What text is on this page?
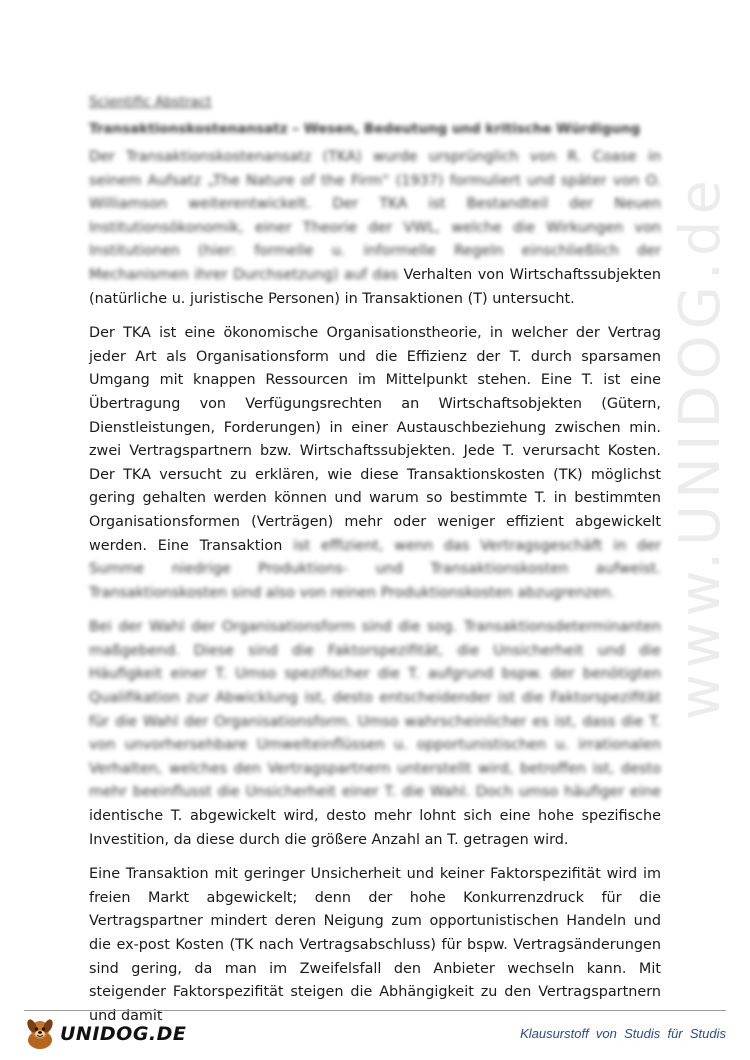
www.UNIDOG.de
Scientific Abstract
Transaktionskostenansatz – Wesen, Bedeutung und kritische Würdigung

Der Transaktionskostenansatz (TKA) wurde ursprünglich von R. Coase in seinem Aufsatz „The Nature of the Firm“ (1937) formuliert und später von O. Williamson weiterentwickelt. Der TKA ist Bestandteil der Neuen Institutionsökonomik, einer Theorie der VWL, welche die Wirkungen von Institutionen (hier: formelle u. informelle Regeln einschließlich der Mechanismen ihrer Durchsetzung) auf das Verhalten von Wirtschaftssubjekten (natürliche u. juristische Personen) in Transaktionen (T) untersucht.

Der TKA ist eine ökonomische Organisationstheorie, in welcher der Vertrag jeder Art als Organisationsform und die Effizienz der T. durch sparsamen Umgang mit knappen Ressourcen im Mittelpunkt stehen. Eine T. ist eine Übertragung von Verfügungsrechten an Wirtschaftsobjekten (Gütern, Dienstleistungen, Forderungen) in einer Austauschbeziehung zwischen min. zwei Vertragspartnern bzw. Wirtschaftssubjekten. Jede T. verursacht Kosten. Der TKA versucht zu erklären, wie diese Transaktionskosten (TK) möglichst gering gehalten werden können und warum so bestimmte T. in bestimmten Organisationsformen (Verträgen) mehr oder weniger effizient abgewickelt werden. Eine Transaktion ist effizient, wenn das Vertragsgeschäft in der Summe niedrige Produktions- und Transaktionskosten aufweist. Transaktionskosten sind also von reinen Produktionskosten abzugrenzen.

Bei der Wahl der Organisationsform sind die sog. Transaktionsdeterminanten maßgebend. Diese sind die Faktorspezifität, die Unsicherheit und die Häufigkeit einer T. Umso spezifischer die T. aufgrund bspw. der benötigten Qualifikation zur Abwicklung ist, desto entscheidender ist die Faktorspezifität für die Wahl der Organisationsform. Umso wahrscheinlicher es ist, dass die T. von unvorhersehbare Umwelteinflüssen u. opportunistischen u. irrationalen Verhalten, welches den Vertragspartnern unterstellt wird, betroffen ist, desto mehr beeinflusst die Unsicherheit einer T. die Wahl. Doch umso häufiger eine identische T. abgewickelt wird, desto mehr lohnt sich eine hohe spezifische Investition, da diese durch die größere Anzahl an T. getragen wird.

Eine Transaktion mit geringer Unsicherheit und keiner Faktorspezifität wird im freien Markt abgewickelt; denn der hohe Konkurrenzdruck für die Vertragspartner mindert deren Neigung zum opportunistischen Handeln und die ex-post Kosten (TK nach Vertragsabschluss) für bspw. Vertragsänderungen sind gering, da man im Zweifelsfall den Anbieter wechseln kann. Mit steigender Faktorspezifität steigen die Abhängigkeit zu den Vertragspartnern und damit

UNIDOG.DE	Klausurstoff  von  Studis  für  Studis
